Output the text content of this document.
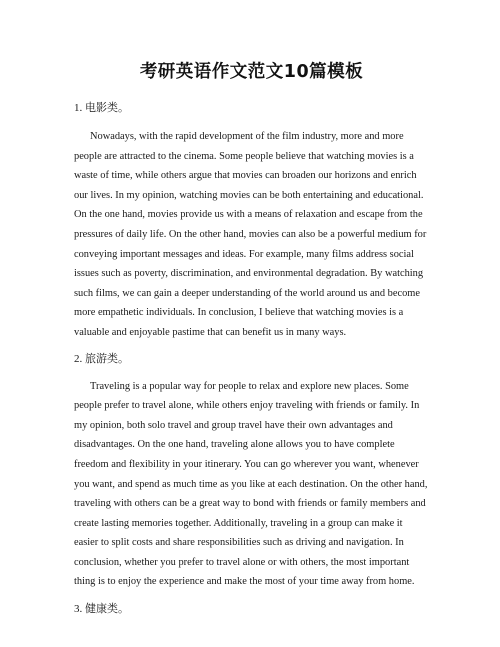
考研英语作文范文10篇模板

1. 电影类。

Nowadays, with the rapid development of the film industry, more and more people are attracted to the cinema. Some people believe that watching movies is a waste of time, while others argue that movies can broaden our horizons and enrich our lives. In my opinion, watching movies can be both entertaining and educational. On the one hand, movies provide us with a means of relaxation and escape from the pressures of daily life. On the other hand, movies can also be a powerful medium for conveying important messages and ideas. For example, many films address social issues such as poverty, discrimination, and environmental degradation. By watching such films, we can gain a deeper understanding of the world around us and become more empathetic individuals. In conclusion, I believe that watching movies is a valuable and enjoyable pastime that can benefit us in many ways.

2. 旅游类。

Traveling is a popular way for people to relax and explore new places. Some people prefer to travel alone, while others enjoy traveling with friends or family. In my opinion, both solo travel and group travel have their own advantages and disadvantages. On the one hand, traveling alone allows you to have complete freedom and flexibility in your itinerary. You can go wherever you want, whenever you want, and spend as much time as you like at each destination. On the other hand, traveling with others can be a great way to bond with friends or family members and create lasting memories together. Additionally, traveling in a group can make it easier to split costs and share responsibilities such as driving and navigation. In conclusion, whether you prefer to travel alone or with others, the most important thing is to enjoy the experience and make the most of your time away from home.

3. 健康类。
